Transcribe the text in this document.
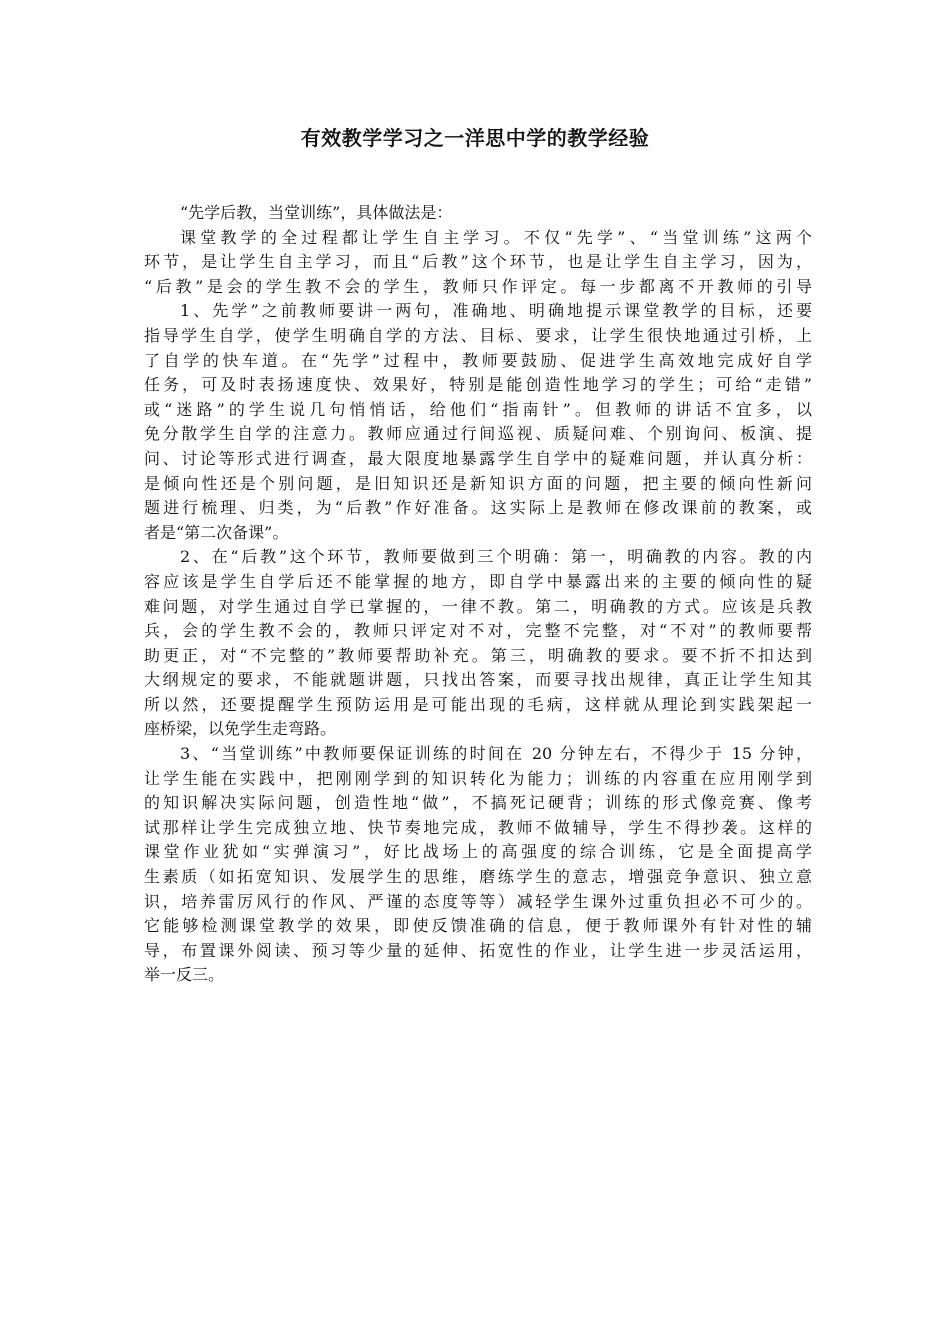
有效教学学习之一洋思中学的教学经验
“先学后教，当堂训练”，具体做法是：
课堂教学的全过程都让学生自主学习。不仅“先学”、“当堂训练”这两个
环节，是让学生自主学习，而且“后教”这个环节，也是让学生自主学习，因为，
“后教”是会的学生教不会的学生，教师只作评定。每一步都离不开教师的引导
1、先学”之前教师要讲一两句，准确地、明确地提示课堂教学的目标，还要
指导学生自学，使学生明确自学的方法、目标、要求，让学生很快地通过引桥，上
了自学的快车道。在“先学”过程中，教师要鼓励、促进学生高效地完成好自学
任务，可及时表扬速度快、效果好，特别是能创造性地学习的学生；可给“走错”
或“迷路”的学生说几句悄悄话，给他们“指南针”。但教师的讲话不宜多，以
免分散学生自学的注意力。教师应通过行间巡视、质疑问难、个别询问、板演、提
问、讨论等形式进行调查，最大限度地暴露学生自学中的疑难问题，并认真分析：
是倾向性还是个别问题，是旧知识还是新知识方面的问题，把主要的倾向性新问
题进行梳理、归类，为“后教”作好准备。这实际上是教师在修改课前的教案，或
者是“第二次备课”。
2、在“后教”这个环节，教师要做到三个明确：第一，明确教的内容。教的内
容应该是学生自学后还不能掌握的地方，即自学中暴露出来的主要的倾向性的疑
难问题，对学生通过自学已掌握的，一律不教。第二，明确教的方式。应该是兵教
兵，会的学生教不会的，教师只评定对不对，完整不完整，对“不对”的教师要帮
助更正，对“不完整的”教师要帮助补充。第三，明确教的要求。要不折不扣达到
大纲规定的要求，不能就题讲题，只找出答案，而要寻找出规律，真正让学生知其
所以然，还要提醒学生预防运用是可能出现的毛病，这样就从理论到实践架起一
座桥梁，以免学生走弯路。
3、“当堂训练”中教师要保证训练的时间在 20 分钟左右，不得少于 15 分钟，
让学生能在实践中，把刚刚学到的知识转化为能力；训练的内容重在应用刚学到
的知识解决实际问题，创造性地“做”，不搞死记硬背；训练的形式像竞赛、像考
试那样让学生完成独立地、快节奏地完成，教师不做辅导，学生不得抄袭。这样的
课堂作业犹如“实弹演习”，好比战场上的高强度的综合训练，它是全面提高学
生素质（如拓宽知识、发展学生的思维，磨练学生的意志，增强竞争意识、独立意
识，培养雷厉风行的作风、严谨的态度等等）减轻学生课外过重负担必不可少的。
它能够检测课堂教学的效果，即使反馈准确的信息，便于教师课外有针对性的辅
导，布置课外阅读、预习等少量的延伸、拓宽性的作业，让学生进一步灵活运用，
举一反三。
